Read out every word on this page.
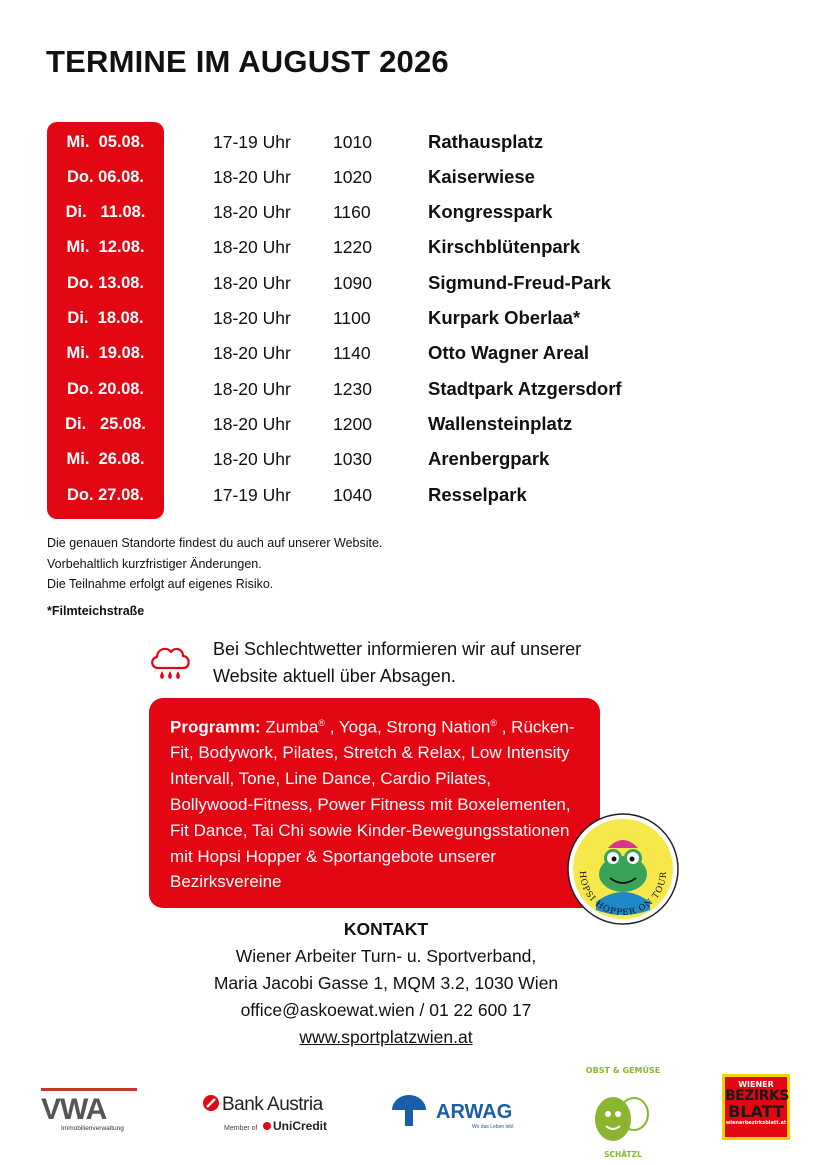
TERMINE IM AUGUST 2026
Mi.  05.08.	17-19 Uhr 1010	Rathausplatz
Do. 06.08.	18-20 Uhr 1020	Kaiserwiese
Di.   11.08.	18-20 Uhr 1160	Kongresspark
Mi.  12.08.	18-20 Uhr 1220	Kirschblütenpark
Do. 13.08.	18-20 Uhr 1090	Sigmund-Freud-Park
Di.  18.08.	18-20 Uhr 1100	Kurpark Oberlaa*
Mi.  19.08.	18-20 Uhr 1140	Otto Wagner Areal
Do. 20.08.	18-20 Uhr 1230	Stadtpark Atzgersdorf
Di.   25.08.	18-20 Uhr 1200	Wallensteinplatz
Mi.  26.08.	18-20 Uhr 1030	Arenbergpark
Do. 27.08.	17-19 Uhr 1040	Resselpark
Die genauen Standorte findest du auch auf unserer Website.
Vorbehaltlich kurzfristiger Änderungen.
Die Teilnahme erfolgt auf eigenes Risiko.
*Filmteichstraße
Bei Schlechtwetter informieren wir auf unserer
Website aktuell über Absagen.
Programm: Zumba® , Yoga, Strong Nation® , Rücken-Fit, Bodywork, Pilates, Stretch & Relax, Low Intensity Intervall, Tone, Line Dance, Cardio Pilates, Bollywood-Fitness, Power Fitness mit Boxelementen, Fit Dance, Tai Chi sowie Kinder-Bewegungsstationen mit Hopsi Hopper & Sportangebote unserer Bezirksvereine	HOPSI HOPPER ON TOUR
KONTAKT
Wiener Arbeiter Turn- u. Sportverband,
Maria Jacobi Gasse 1, MQM 3.2, 1030 Wien
office@askoewat.wien / 01 22 600 17
www.sportplatzwien.at
VWA
Immobilienverwaltung
Bank Austria
Member of UniCredit
ARWAG
Wo das Leben lebt
OBST & GEMÜSE
SCHÄTZL
WIENER
BEZIRKS
BLATT
wienerbezirksblatt.at
